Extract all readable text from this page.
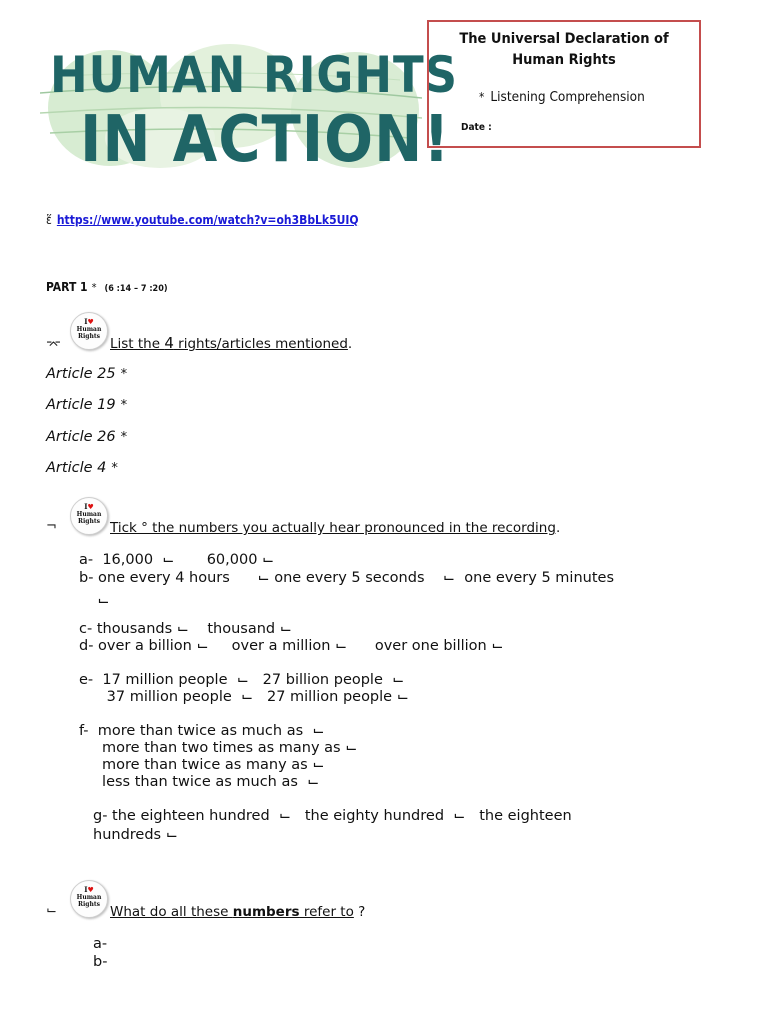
HUMAN RIGHTS
IN ACTION!
The Universal Declaration of
Human Rights
* Listening Comprehension
Date :
ἕ https://www.youtube.com/watch?v=oh3BbLk5UIQ
PART 1 * (6 :14 – 7 :20)
I♥
Human
Rights
⌤	List the 4 rights/articles mentioned.
Article 25 *
Article 19 *
Article 26 *
Article 4 *
I♥
Human
Rights
¬	Tick ° the numbers you actually hear pronounced in the recording.
a-  16,000  ⌙       60,000 ⌙
b- one every 4 hours      ⌙ one every 5 seconds    ⌙  one every 5 minutes
⌙
c- thousands ⌙    thousand ⌙
d- over a billion ⌙     over a million ⌙      over one billion ⌙
e-  17 million people  ⌙   27 billion people  ⌙
37 million people  ⌙   27 million people ⌙
f-  more than twice as much as  ⌙
more than two times as many as ⌙
more than twice as many as ⌙
less than twice as much as  ⌙
g- the eighteen hundred  ⌙   the eighty hundred  ⌙   the eighteen
hundreds ⌙
I♥
Human
Rights
⌙	What do all these numbers refer to ?
a-
b-
